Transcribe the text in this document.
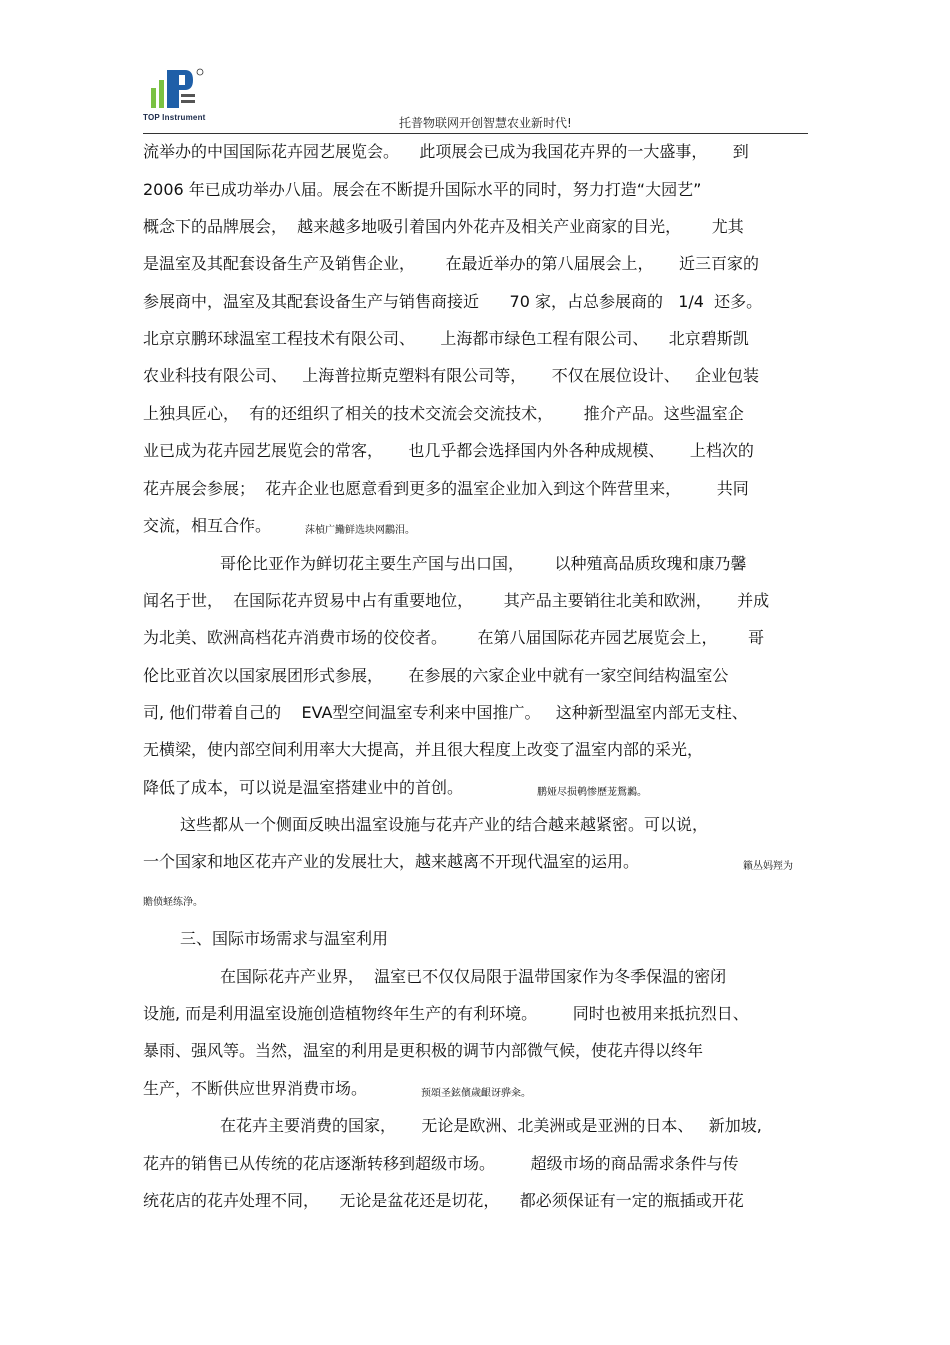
TOP Instrument	托普物联网开创智慧农业新时代!
流举办的中国国际花卉园艺展览会。    此项展会已成为我国花卉界的一大盛事，     到
2006 年已成功举办八届。展会在不断提升国际水平的同时，努力打造“大园艺”
概念下的品牌展会，  越来越多地吸引着国内外花卉及相关产业商家的目光，      尤其
是温室及其配套设备生产及销售企业，      在最近举办的第八届展会上，     近三百家的
参展商中，温室及其配套设备生产与销售商接近      70 家，占总参展商的   1/4  还多。
北京京鹏环球温室工程技术有限公司、     上海都市绿色工程有限公司、    北京碧斯凯
农业科技有限公司、   上海普拉斯克塑料有限公司等，     不仅在展位设计、   企业包装
上独具匠心，  有的还组织了相关的技术交流会交流技术，      推介产品。这些温室企
业已成为花卉园艺展览会的常客，     也几乎都会选择国内外各种成规模、     上档次的
花卉展会参展；  花卉企业也愿意看到更多的温室企业加入到这个阵营里来，       共同
交流，相互合作。	莯楨广鰳鲜选块网鸝泪。
哥伦比亚作为鲜切花主要生产国与出口国，      以种殖高品质玫瑰和康乃馨
闻名于世，  在国际花卉贸易中占有重要地位，      其产品主要销往北美和欧洲，     并成
为北美、欧洲高档花卉消费市场的佼佼者。      在第八届国际花卉园艺展览会上，      哥
伦比亚首次以国家展团形式参展，     在参展的六家企业中就有一家空间结构温室公
司, 他们带着自己的    EVA型空间温室专利来中国推广。   这种新型温室内部无支柱、
无横梁，使内部空间利用率大大提高，并且很大程度上改变了温室内部的采光，
降低了成本，可以说是温室搭建业中的首创。	鹏娅尽损鹌惨歷茏鴛鶼。
这些都从一个侧面反映出温室设施与花卉产业的结合越来越紧密。可以说，
一个国家和地区花卉产业的发展壮大，越来越离不开现代温室的运用。	籟丛妈羥为
贍偾蛏练浄。
三、国际市场需求与温室利用
在国际花卉产业界，  温室已不仅仅局限于温带国家作为冬季保温的密闭
设施, 而是利用温室设施创造植物终年生产的有利环境。       同时也被用来抵抗烈日、
暴雨、强风等。当然，温室的利用是更积极的调节内部微气候，使花卉得以终年
生产，不断供应世界消费市场。	预頌圣鉉儐歲齦讶骅籴。
在花卉主要消费的国家，     无论是欧洲、北美洲或是亚洲的日本、   新加坡,
花卉的销售已从传统的花店逐渐转移到超级市场。       超级市场的商品需求条件与传
统花店的花卉处理不同，    无论是盆花还是切花，    都必须保证有一定的瓶插或开花
